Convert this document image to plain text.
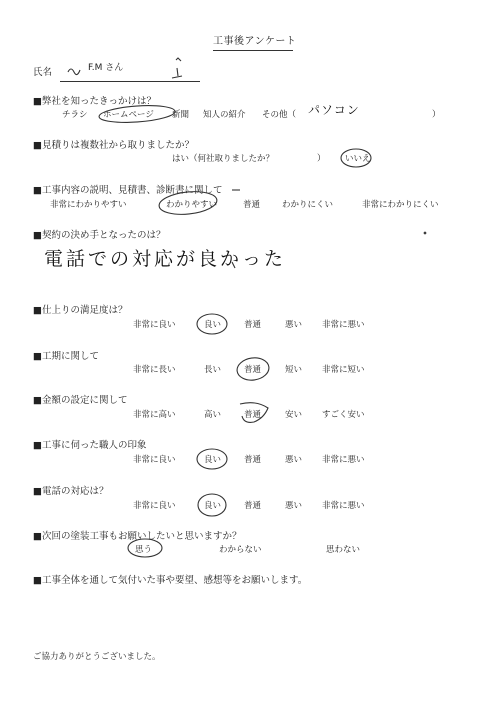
工事後アンケート
氏名	F.M さん
■弊社を知ったきっかけは？
チラシ ホームページ 新聞 知人の紹介 その他（ パソコン	）
■見積りは複数社から取りましたか？
はい（何社取りましたか？	） いいえ
■工事内容の説明、見積書、診断書に関して
非常にわかりやすい	わかりやすい	普通	わかりにくい	非常にわかりにくい
■契約の決め手となったのは？
電話での対応が良かった
■仕上りの満足度は？
非常に良い	良い	普通	悪い 非常に悪い
■工期に関して
非常に長い	長い	普通	短い 非常に短い
■金額の設定に関して
非常に高い	高い	普通	安い すごく安い
■工事に伺った職人の印象
非常に良い	良い	普通	悪い 非常に悪い
■電話の対応は？
非常に良い	良い	普通	悪い 非常に悪い
■次回の塗装工事もお願いしたいと思いますか？
思う	わからない	思わない
■工事全体を通して気付いた事や要望、感想等をお願いします。
ご協力ありがとうございました。
